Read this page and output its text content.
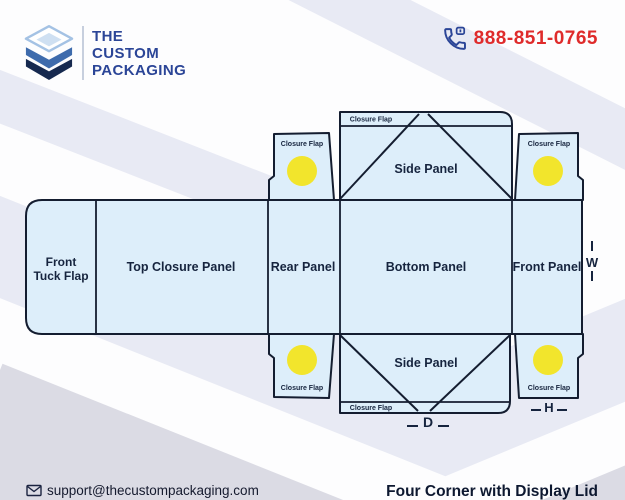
Closure Flap
Side Panel
Closure Flap	Closure Flap
Front
Tuck Flap
Top Closure Panel	Rear Panel	Bottom Panel	Front Panel
Closure Flap	Closure Flap
Side Panel
Closure Flap
W
D
H
THE
CUSTOM
PACKAGING
888-851-0765
support@thecustompackaging.com	Four Corner with Display Lid
